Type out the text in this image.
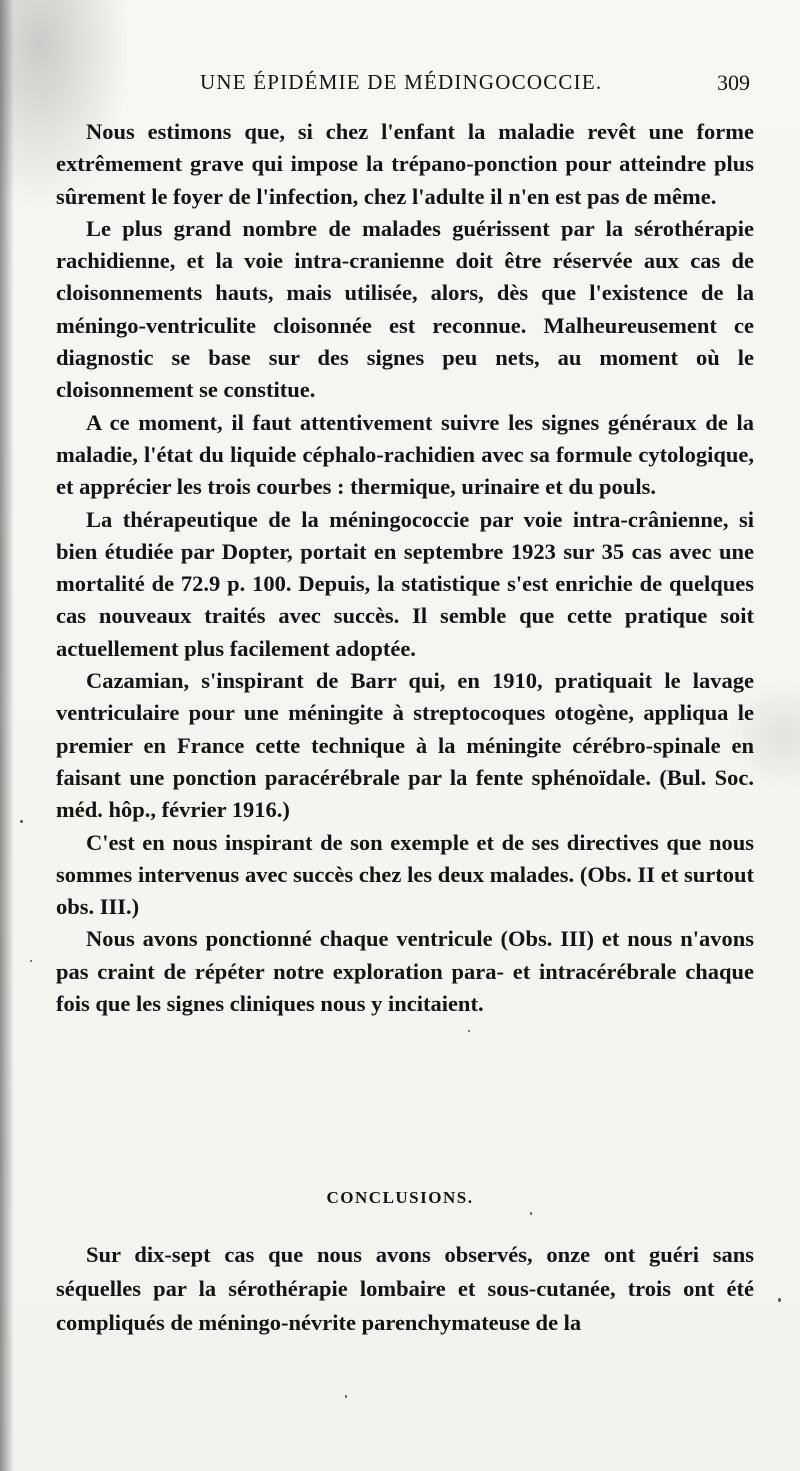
UNE ÉPIDÉMIE DE MÉDINGOCOCCIE.	309

Nous estimons que, si chez l'enfant la maladie revêt une forme extrêmement grave qui impose la trépano-ponction pour atteindre plus sûrement le foyer de l'infection, chez l'adulte il n'en est pas de même.

Le plus grand nombre de malades guérissent par la sérothérapie rachidienne, et la voie intra-cranienne doit être réservée aux cas de cloisonnements hauts, mais utilisée, alors, dès que l'existence de la méningo-ventriculite cloisonnée est reconnue. Malheureusement ce diagnostic se base sur des signes peu nets, au moment où le cloisonnement se constitue.

A ce moment, il faut attentivement suivre les signes généraux de la maladie, l'état du liquide céphalo-rachidien avec sa formule cytologique, et apprécier les trois courbes : thermique, urinaire et du pouls.

La thérapeutique de la méningococcie par voie intra-crânienne, si bien étudiée par Dopter, portait en septembre 1923 sur 35 cas avec une mortalité de 72.9 p. 100. Depuis, la statistique s'est enrichie de quelques cas nouveaux traités avec succès. Il semble que cette pratique soit actuellement plus facilement adoptée.

Cazamian, s'inspirant de Barr qui, en 1910, pratiquait le lavage ventriculaire pour une méningite à streptocoques otogène, appliqua le premier en France cette technique à la méningite cérébro-spinale en faisant une ponction paracérébrale par la fente sphénoïdale. (Bul. Soc. méd. hôp., février 1916.)

C'est en nous inspirant de son exemple et de ses directives que nous sommes intervenus avec succès chez les deux malades. (Obs. II et surtout obs. III.)

Nous avons ponctionné chaque ventricule (Obs. III) et nous n'avons pas craint de répéter notre exploration para- et intracérébrale chaque fois que les signes cliniques nous y incitaient.

CONCLUSIONS.

Sur dix-sept cas que nous avons observés, onze ont guéri sans séquelles par la sérothérapie lombaire et sous-cutanée, trois ont été compliqués de méningo-névrite parenchymateuse de la
